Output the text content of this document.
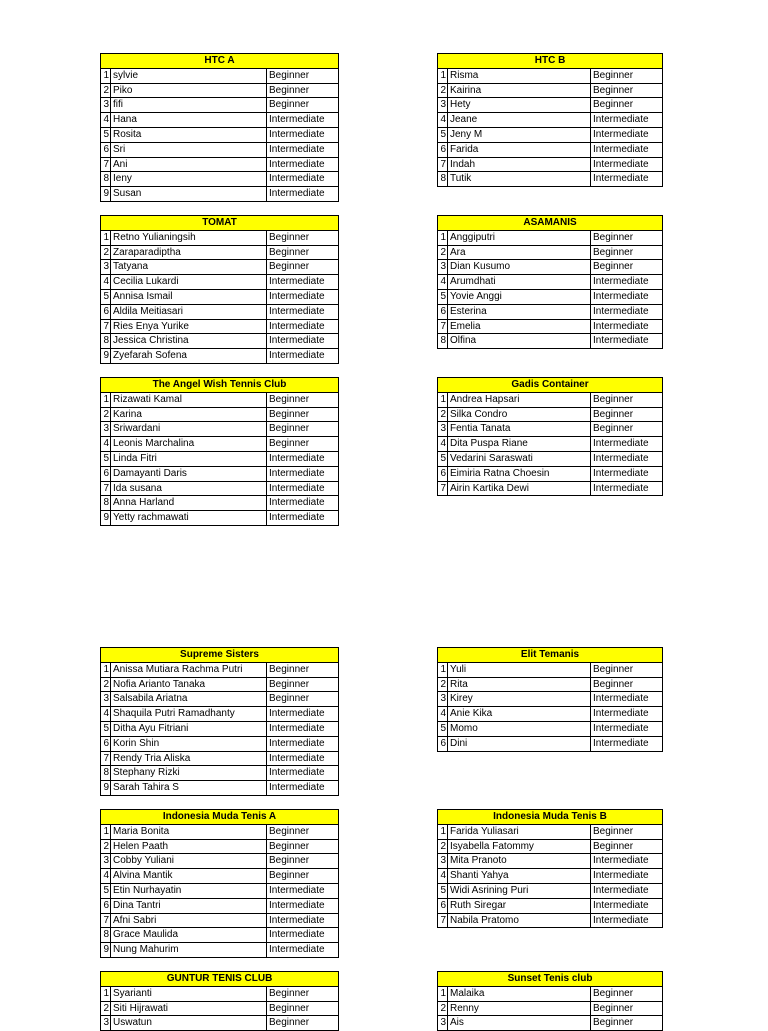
HTC A		
1	sylvie	Beginner
2	Piko	Beginner
3	fifi	Beginner
4	Hana	Intermediate
5	Rosita	Intermediate
6	Sri	Intermediate
7	Ani	Intermediate
8	Ieny	Intermediate
9	Susan	Intermediate
HTC B		
1	Risma	Beginner
2	Kairina	Beginner
3	Hety	Beginner
4	Jeane	Intermediate
5	Jeny M	Intermediate
6	Farida	Intermediate
7	Indah	Intermediate
8	Tutik	Intermediate
TOMAT		
1	Retno Yulianingsih	Beginner
2	Zaraparadiptha	Beginner
3	Tatyana	Beginner
4	Cecilia Lukardi	Intermediate
5	Annisa Ismail	Intermediate
6	Aldila Meitiasari	Intermediate
7	Ries Enya Yurike	Intermediate
8	Jessica Christina	Intermediate
9	Zyefarah Sofena	Intermediate
ASAMANIS		
1	Anggiputri	Beginner
2	Ara	Beginner
3	Dian Kusumo	Beginner
4	Arumdhati	Intermediate
5	Yovie Anggi	Intermediate
6	Esterina	Intermediate
7	Emelia	Intermediate
8	Olfina	Intermediate
The Angel Wish Tennis Club		
1	Rizawati Kamal	Beginner
2	Karina	Beginner
3	Sriwardani	Beginner
4	Leonis Marchalina	Beginner
5	Linda Fitri	Intermediate
6	Damayanti Daris	Intermediate
7	Ida susana	Intermediate
8	Anna Harland	Intermediate
9	Yetty rachmawati	Intermediate
Gadis Container		
1	Andrea Hapsari	Beginner
2	Silka Condro	Beginner
3	Fentia Tanata	Beginner
4	Dita Puspa Riane	Intermediate
5	Vedarini Saraswati	Intermediate
6	Eimiria Ratna Choesin	Intermediate
7	Airin Kartika Dewi	Intermediate
Supreme Sisters		
1	Anissa Mutiara Rachma Putri	Beginner
2	Nofia Arianto Tanaka	Beginner
3	Salsabila Ariatna	Beginner
4	Shaquila Putri Ramadhanty	Intermediate
5	Ditha Ayu Fitriani	Intermediate
6	Korin Shin	Intermediate
7	Rendy Tria Aliska	Intermediate
8	Stephany Rizki	Intermediate
9	Sarah Tahira S	Intermediate
Elit Temanis		
1	Yuli	Beginner
2	Rita	Beginner
3	Kirey	Intermediate
4	Anie Kika	Intermediate
5	Momo	Intermediate
6	Dini	Intermediate
Indonesia Muda Tenis A		
1	Maria Bonita	Beginner
2	Helen Paath	Beginner
3	Cobby Yuliani	Beginner
4	Alvina Mantik	Beginner
5	Etin Nurhayatin	Intermediate
6	Dina Tantri	Intermediate
7	Afni Sabri	Intermediate
8	Grace Maulida	Intermediate
9	Nung Mahurim	Intermediate
Indonesia Muda Tenis B		
1	Farida Yuliasari	Beginner
2	Isyabella Fatommy	Beginner
3	Mita Pranoto	Intermediate
4	Shanti Yahya	Intermediate
5	Widi Asrining Puri	Intermediate
6	Ruth Siregar	Intermediate
7	Nabila Pratomo	Intermediate
GUNTUR TENIS CLUB		
1	Syarianti	Beginner
2	Siti Hijrawati	Beginner
3	Uswatun	Beginner
Sunset Tenis club		
1	Malaika	Beginner
2	Renny	Beginner
3	Ais	Beginner
